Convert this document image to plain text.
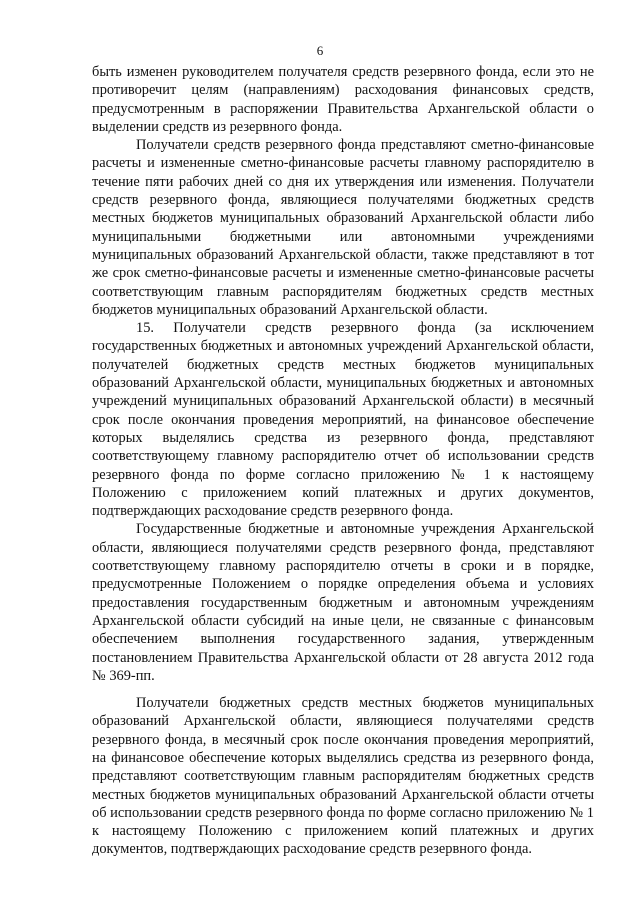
6

быть изменен руководителем получателя средств резервного фонда, если это не противоречит целям (направлениям) расходования финансовых средств, предусмотренным в распоряжении Правительства Архангельской области о выделении средств из резервного фонда.

Получатели средств резервного фонда представляют сметно-финансовые расчеты и измененные сметно-финансовые расчеты главному распорядителю в течение пяти рабочих дней со дня их утверждения или изменения. Получатели средств резервного фонда, являющиеся получателями бюджетных средств местных бюджетов муниципальных образований Архангельской области либо муниципальными бюджетными или автономными учреждениями муниципальных образований Архангельской области, также представляют в тот же срок сметно-финансовые расчеты и измененные сметно-финансовые расчеты соответствующим главным распорядителям бюджетных средств местных бюджетов муниципальных образований Архангельской области.

15. Получатели средств резервного фонда (за исключением государственных бюджетных и автономных учреждений Архангельской области, получателей бюджетных средств местных бюджетов муниципальных образований Архангельской области, муниципальных бюджетных и автономных учреждений муниципальных образований Архангельской области) в месячный срок после окончания проведения мероприятий, на финансовое обеспечение которых выделялись средства из резервного фонда, представляют соответствующему главному распорядителю отчет об использовании средств резервного фонда по форме согласно приложению № 1 к настоящему Положению с приложением копий платежных и других документов, подтверждающих расходование средств резервного фонда.

Государственные бюджетные и автономные учреждения Архангельской области, являющиеся получателями средств резервного фонда, представляют соответствующему главному распорядителю отчеты в сроки и в порядке, предусмотренные Положением о порядке определения объема и условиях предоставления государственным бюджетным и автономным учреждениям Архангельской области субсидий на иные цели, не связанные с финансовым обеспечением выполнения государственного задания, утвержденным постановлением Правительства Архангельской области от 28 августа 2012 года № 369-пп.

Получатели бюджетных средств местных бюджетов муниципальных образований Архангельской области, являющиеся получателями средств резервного фонда, в месячный срок после окончания проведения мероприятий, на финансовое обеспечение которых выделялись средства из резервного фонда, представляют соответствующим главным распорядителям бюджетных средств местных бюджетов муниципальных образований Архангельской области отчеты об использовании средств резервного фонда по форме согласно приложению № 1 к настоящему Положению с приложением копий платежных и других документов, подтверждающих расходование средств резервного фонда.
